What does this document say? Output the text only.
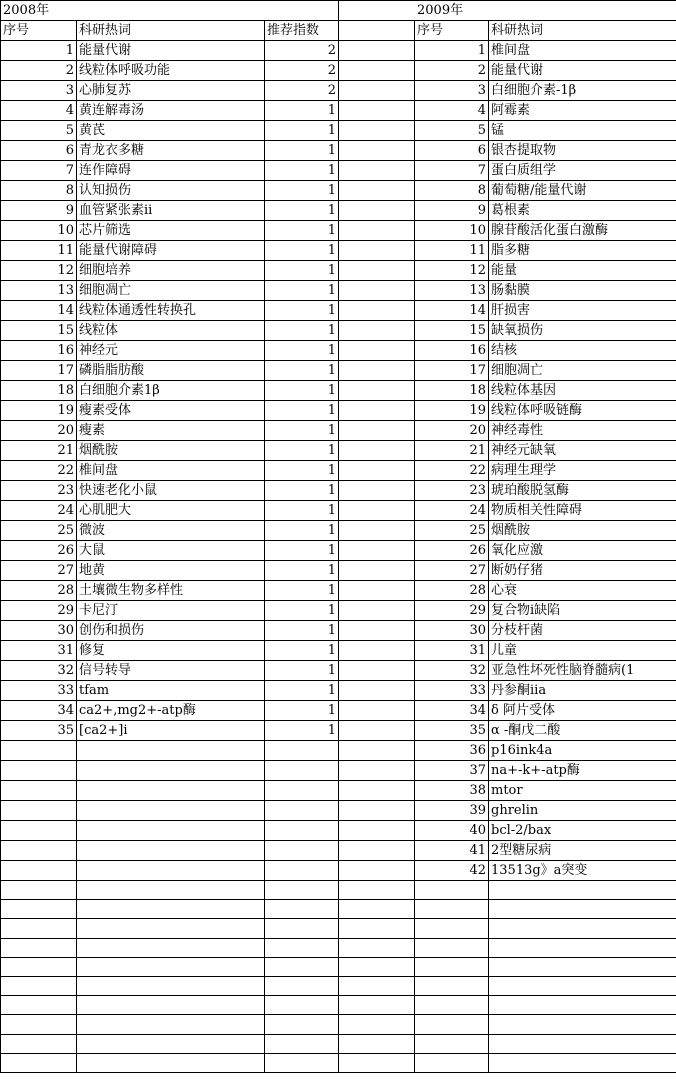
2008年			2009年		
序号	科研热词	推荐指数		序号	科研热词
1	能量代谢	2		1	椎间盘
2	线粒体呼吸功能	2		2	能量代谢
3	心肺复苏	2		3	白细胞介素-1β
4	黄连解毒汤	1		4	阿霉素
5	黄芪	1		5	锰
6	青龙衣多糖	1		6	银杏提取物
7	连作障碍	1		7	蛋白质组学
8	认知损伤	1		8	葡萄糖/能量代谢
9	血管紧张素ii	1		9	葛根素
10	芯片筛选	1		10	腺苷酸活化蛋白激酶
11	能量代谢障碍	1		11	脂多糖
12	细胞培养	1		12	能量
13	细胞凋亡	1		13	肠黏膜
14	线粒体通透性转换孔	1		14	肝损害
15	线粒体	1		15	缺氧损伤
16	神经元	1		16	结核
17	磷脂脂肪酸	1		17	细胞凋亡
18	白细胞介素1β	1		18	线粒体基因
19	瘦素受体	1		19	线粒体呼吸链酶
20	瘦素	1		20	神经毒性
21	烟酰胺	1		21	神经元缺氧
22	椎间盘	1		22	病理生理学
23	快速老化小鼠	1		23	琥珀酸脱氢酶
24	心肌肥大	1		24	物质相关性障碍
25	微波	1		25	烟酰胺
26	大鼠	1		26	氧化应激
27	地黄	1		27	断奶仔猪
28	土壤微生物多样性	1		28	心衰
29	卡尼汀	1		29	复合物ⅰ缺陷
30	创伤和损伤	1		30	分枝杆菌
31	修复	1		31	儿童
32	信号转导	1		32	亚急性坏死性脑脊髓病(1
33	tfam	1		33	丹参酮ⅱa
34	ca2+,mg2+-atp酶	1		34	δ 阿片受体
35	[ca2+]i	1		35	α -酮戊二酸
				36	p16ink4a
				37	na+-k+-atp酶
				38	mtor
				39	ghrelin
				40	bcl-2/bax
				41	2型糖尿病
				42	13513g》a突变
